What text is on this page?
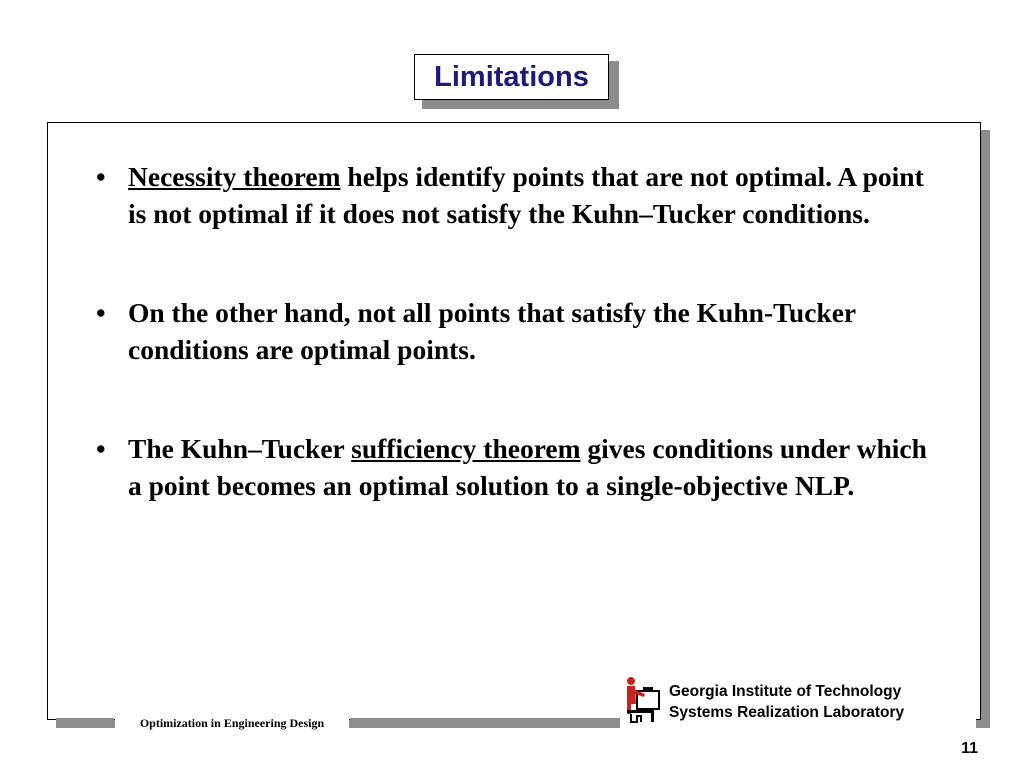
Limitations
• Necessity theorem helps identify points that are not optimal. A point is not optimal if it does not satisfy the Kuhn–Tucker conditions.
• On the other hand, not all points that satisfy the Kuhn-Tucker conditions are optimal points.
• The Kuhn–Tucker sufficiency theorem gives conditions under which a point becomes an optimal solution to a single-objective NLP.
Optimization in Engineering Design
Georgia Institute of Technology
Systems Realization Laboratory
11
